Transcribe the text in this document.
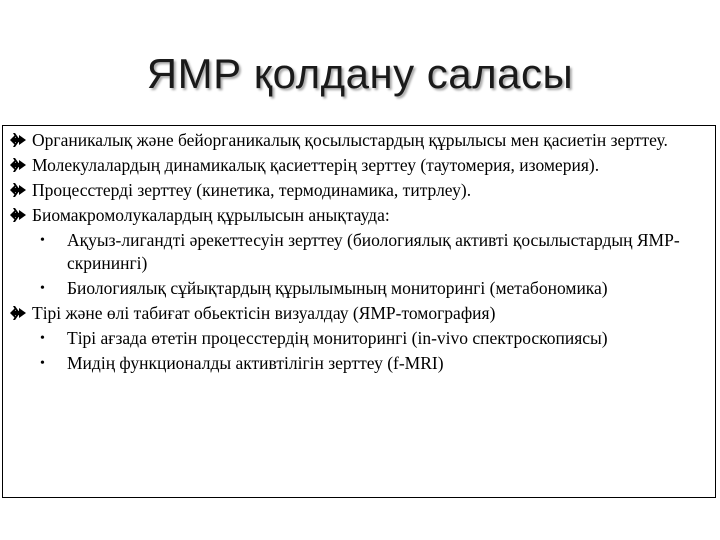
ЯМР қолдану саласы
Органикалық және бейорганикалық қосылыстардың құрылысы мен қасиетін зерттеу.
Молекулалардың динамикалық қасиеттерің зерттеу (таутомерия, изомерия).
Процесстерді зерттеу (кинетика, термодинамика, титрлеу).
Биомакромолукалардың құрылысын анықтауда:
• Ақуыз-лигандті әрекеттесуін зерттеу (биологиялық активті қосылыстардың ЯМР-скринингі)
• Биологиялық сұйықтардың құрылымының мониторингі (метабономика)
Тірі және өлі табиғат обьектісін визуалдау (ЯМР-томография)
• Тірі ағзада өтетін процесстердің мониторингі (in-vivo спектроскопиясы)
• Мидің функционалды активтілігін зерттеу (f-MRI)
